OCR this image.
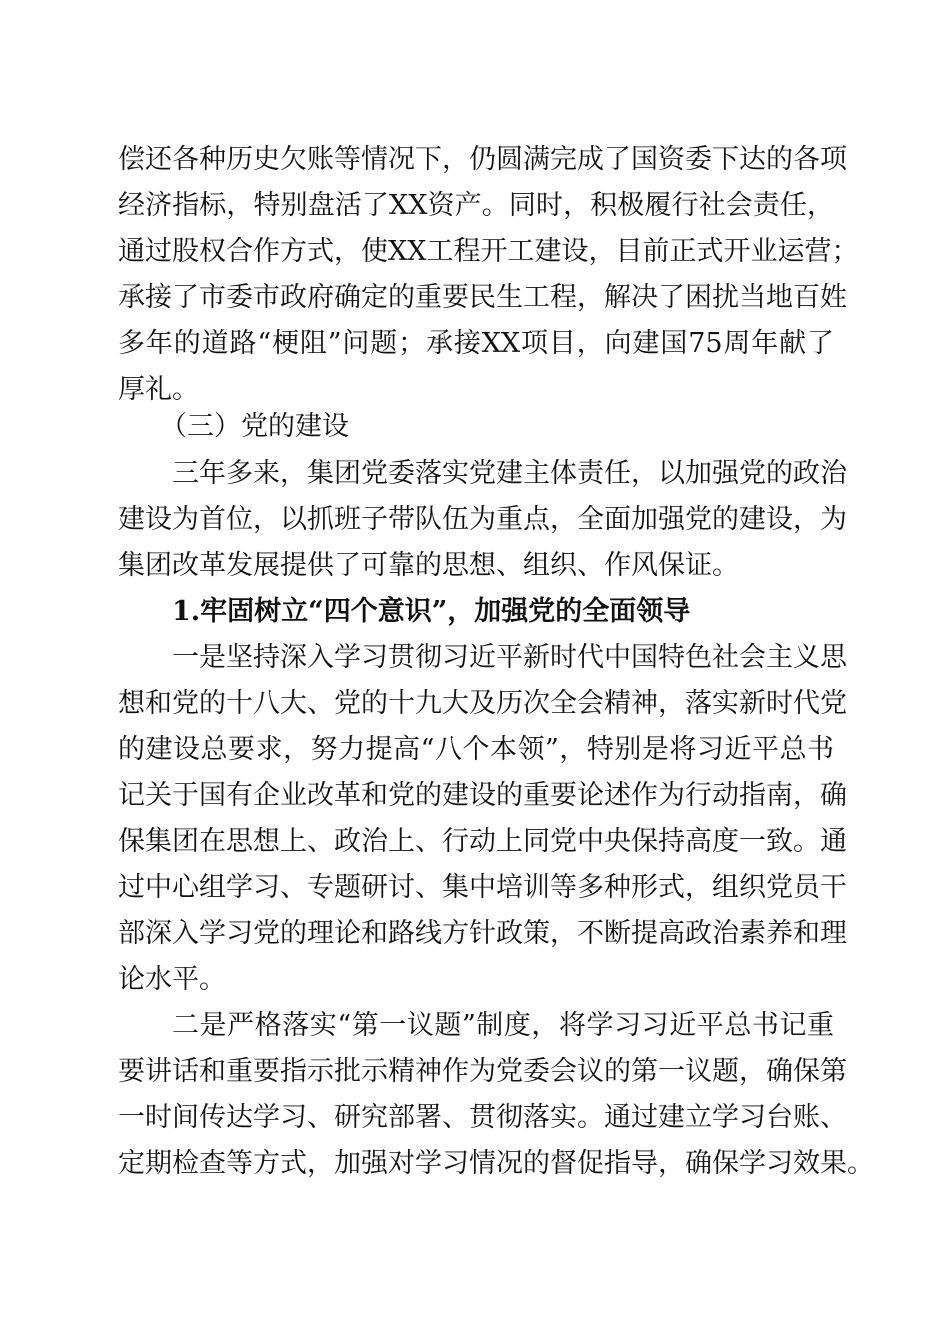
偿还各种历史欠账等情况下，仍圆满完成了国资委下达的各项
经济指标，特别盘活了XX资产。同时，积极履行社会责任，
通过股权合作方式，使XX工程开工建设，目前正式开业运营；
承接了市委市政府确定的重要民生工程，解决了困扰当地百姓
多年的道路“梗阻”问题；承接XX项目，向建国75周年献了
厚礼。
（三）党的建设
三年多来，集团党委落实党建主体责任，以加强党的政治
建设为首位，以抓班子带队伍为重点，全面加强党的建设，为
集团改革发展提供了可靠的思想、组织、作风保证。
1.牢固树立“四个意识”，加强党的全面领导
一是坚持深入学习贯彻习近平新时代中国特色社会主义思
想和党的十八大、党的十九大及历次全会精神，落实新时代党
的建设总要求，努力提高“八个本领”，特别是将习近平总书
记关于国有企业改革和党的建设的重要论述作为行动指南，确
保集团在思想上、政治上、行动上同党中央保持高度一致。通
过中心组学习、专题研讨、集中培训等多种形式，组织党员干
部深入学习党的理论和路线方针政策，不断提高政治素养和理
论水平。
二是严格落实“第一议题”制度，将学习习近平总书记重
要讲话和重要指示批示精神作为党委会议的第一议题，确保第
一时间传达学习、研究部署、贯彻落实。通过建立学习台账、
定期检查等方式，加强对学习情况的督促指导，确保学习效果。
